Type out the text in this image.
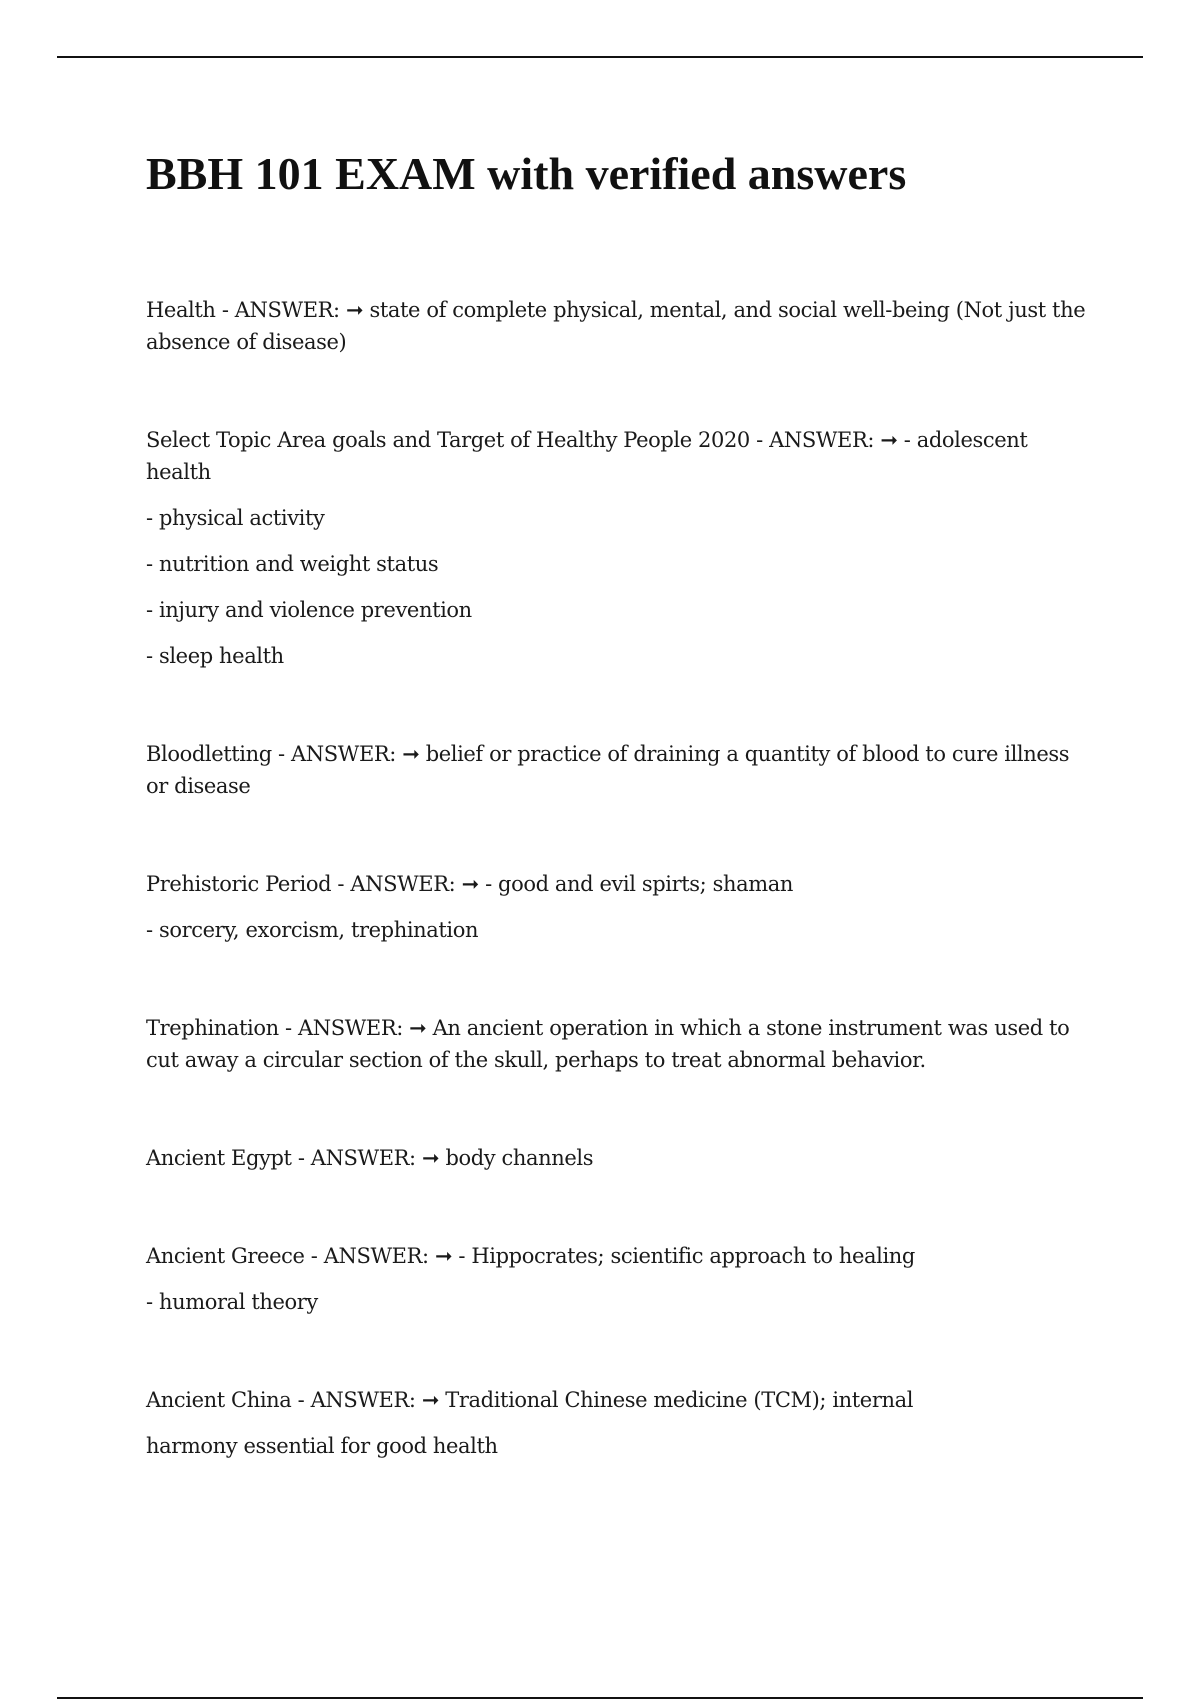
BBH 101 EXAM with verified answers

Health - ANSWER: ➞ state of complete physical, mental, and social well-being (Not just the absence of disease)

Select Topic Area goals and Target of Healthy People 2020 - ANSWER: ➞ - adolescent health

- physical activity

- nutrition and weight status

- injury and violence prevention

- sleep health

Bloodletting - ANSWER: ➞ belief or practice of draining a quantity of blood to cure illness or disease

Prehistoric Period - ANSWER: ➞ - good and evil spirts; shaman

- sorcery, exorcism, trephination

Trephination - ANSWER: ➞ An ancient operation in which a stone instrument was used to cut away a circular section of the skull, perhaps to treat abnormal behavior.

Ancient Egypt - ANSWER: ➞ body channels

Ancient Greece - ANSWER: ➞ - Hippocrates; scientific approach to healing

- humoral theory

Ancient China - ANSWER: ➞ Traditional Chinese medicine (TCM); internal

harmony essential for good health
